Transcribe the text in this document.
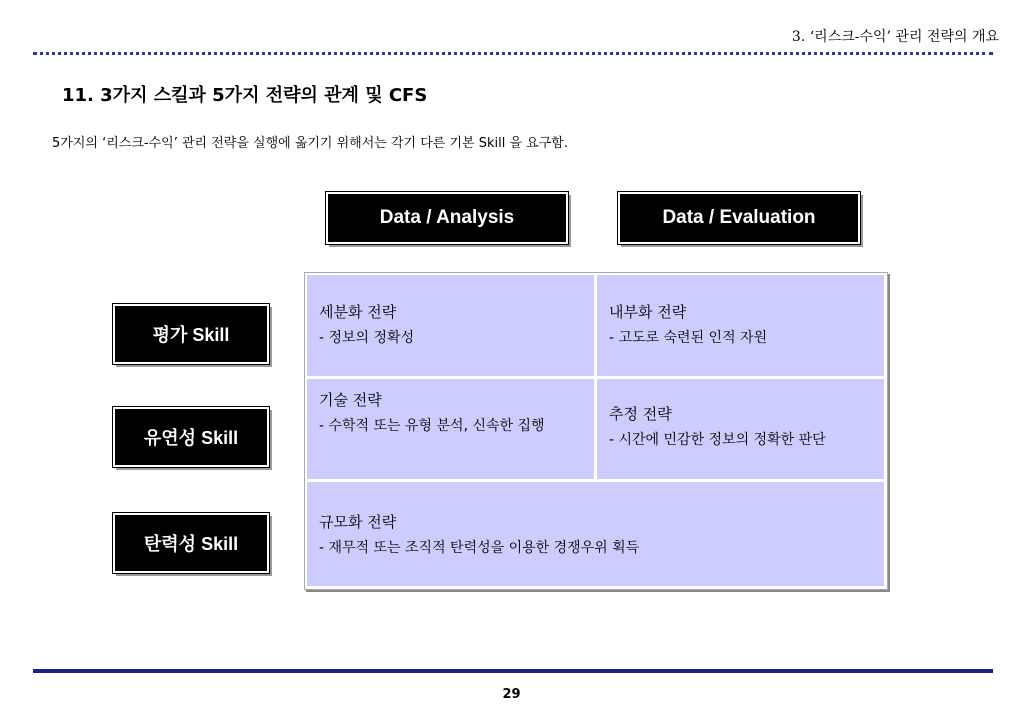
3. ‘리스크-수익’ 관리 전략의 개요
11. 3가지 스킬과 5가지 전략의 관계 및 CFS
5가지의 ‘리스크-수익’ 관리 전략을 실행에 옮기기 위해서는 각기 다른 기본 Skill 을 요구함.
Data / Analysis	Data / Evaluation
평가 Skill
유연성 Skill
탄력성 Skill
세분화 전략
- 정보의 정확성
내부화 전략
- 고도로 숙련된 인적 자원
기술 전략
- 수학적 또는 유형 분석, 신속한 집행
추정 전략
- 시간에 민감한 정보의 정확한 판단
규모화 전략
- 재무적 또는 조직적 탄력성을 이용한 경쟁우위 획득
29
